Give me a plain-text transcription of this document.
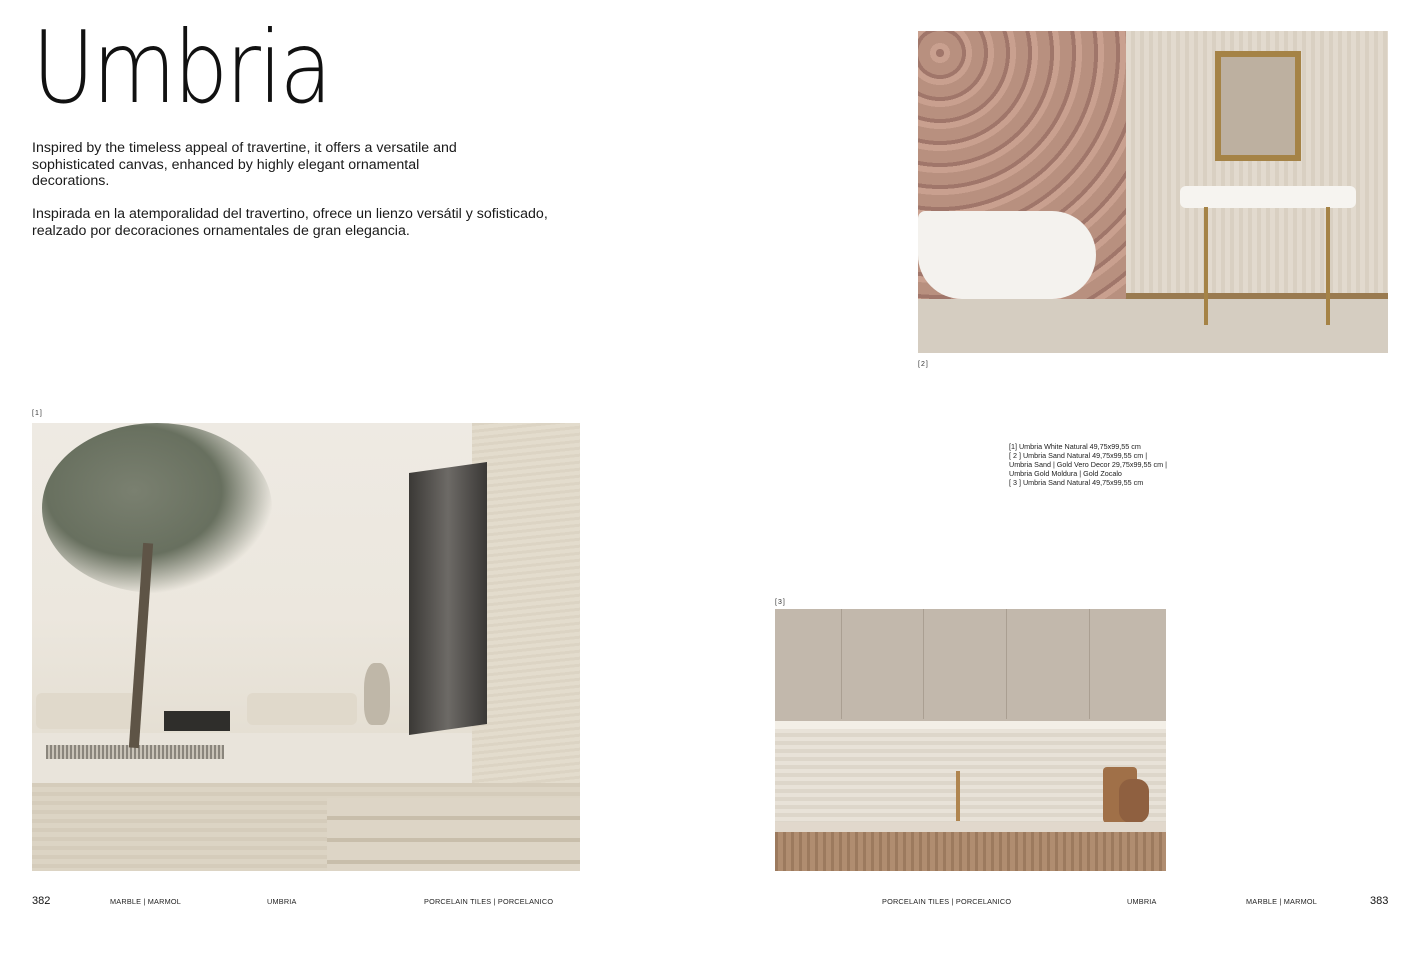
Umbria
Inspired by the timeless appeal of travertine, it offers a versatile and sophisticated canvas, enhanced by highly elegant ornamental decorations.
Inspirada en la atemporalidad del travertino, ofrece un lienzo versátil y sofisticado, realzado por decoraciones ornamentales de gran elegancia.
[2]
[1]
[1] Umbria White Natural 49,75x99,55 cm
[ 2 ] Umbria Sand Natural 49,75x99,55 cm |
Umbria Sand | Gold Vero Decor 29,75x99,55 cm |
Umbria Gold Moldura | Gold Zocalo
[ 3 ] Umbria Sand Natural 49,75x99,55 cm
[3]
382	MARBLE | MARMOL	UMBRIA	PORCELAIN TILES | PORCELANICO	PORCELAIN TILES | PORCELANICO	UMBRIA	MARBLE | MARMOL	383
